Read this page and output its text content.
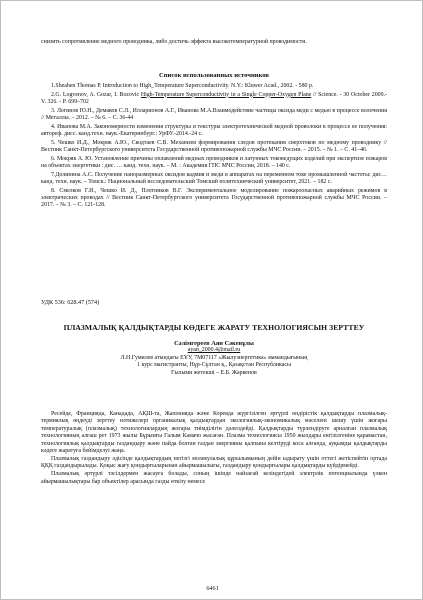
снизить сопротивление медного проводника, либо достичь эффекта высокотемпературной проводимости.

Список использованных источников

1.Sheahen Thomas P. Introduction to High_Temperature Superconductivity. N.Y.: Kluwer Acad., 2002. - 580 p.

2.G. Logvenov, A. Gozar, I. Bozovic High-Temperature Superconductivity in a Single Copper-Oxygen Plane // Science. - 30 October 2009.- V. 326. - P. 699–702

3. Логинов Ю.Н., Демаков С.Л., Илларионов А.Г., Иванова М.А.Взаимодействие частицы оксида меди с медью в процессе волочения // Металлы. – 2012. – № 6. – С. 36-44

4. Иванова М.А. Закономерности изменения структуры и текстуры электротехнической медной проволоки в процессе ее получения: автореф. дисс. канд.техн. наук.-Екатеринбург.: УрФУ.-2014.-24 с.

5. Чешко И.Д., Мокряк А.Ю., Скодтаев С.В. Механизм формирования следов протекания сверхтоков по медному проводнику // Вестник Санкт-Петербургского университета Государственной противопожарной службы МЧС России. – 2015. – № 1. – С. 41–46.

6. Мокряк А. Ю. Установление причины оплавлений медных проводников и латунных токоведущих изделий при экспертизе пожаров на объектах энергетики : дис. … канд. техн. наук. – М. : Академия ГПС МЧС России, 2018. – 140 с.

7.Долинина А.С. Получение наноразмерных оксидов кадмия и меди в аппаратах на переменном токе промышленной частоты: дис… канд. техн. наук. – Томск.: Национальный исследовательский Томский политехнический университет, 2021. – 182 с.

8. Смелков Г.И., Чешко И. Д., Плотников В.Г. Экспериментальное моделирование пожароопасных аварийных режимов в электрических проводах // Вестник Санкт-Петербургского университета Государственной противопожарной службы МЧС России. – 2017. – № 3. – С. 121-128.

УДК 536: 628.47 (574)
ПЛАЗМАЛЫҚ ҚАЛДЫҚТАРДЫ КӨДЕГЕ ЖАРАТУ ТЕХНОЛОГИЯСЫН ЗЕРТТЕУ

Сәлімгереев Аян Сәкенұлы

ayan_2000.4@mail.ru

Л.Н.Гумилев атындағы ЕҰУ, 7М07117 «Жылуэнергетика» мамандығының

1 курс магистранты, Нұр-Сұлтан қ., Қазақстан Республикасы

Ғылыми жетекші – Е.Б. Жаркенов

Ресейде, Францияда, Канадада, АҚШ-та, Жапонияда және Кореяда жүргізілген әртүрлі өндірістік қалдықтарды плазмалық-термиялық өңдеуді зерттеу нәтижелері органикалық қалдықтардан экологиялық-экономикалық мәселені шешу үшін жоғары температуралық (плазмалық) технологиялардың жоғары тиімділігін дәлелдейді. Қалдықтарды түрлендіруге арналған плазмалық технологияның алғаш рет 1973 жылы Бұрынғы Галым Камачо жасаған. Плазма технологиясы 1950 жылдары енгізілгеніне қарамастан, технологиялық қалдықтарды газдандыру және пайда болған газдан энергияны қалпына келтіруді коса алғанда, ауқымды қалдықтарды кәдеге жаратуға бейімделуі жаңа.

Плазмалық газдандыру әдісінде қалдықтардың негізгі молекулалық құрылымының дейін ыдырату үшін оттегі жетіспейтін ортада ҚҚҚ газдандырылады. Қоқыс жағу қондырғыларынан айырмашылығы, газдандыру қондырғылары қалдықтарды күйдірмейді.

Плазмалық әртүрлі тәсілдермен жасауға болады, соның ішінде найзағай кезіндегідей электрлік потенциалында үлкен айырмашылықтары бар объектілер арасында газды өткізу немесе

6461
